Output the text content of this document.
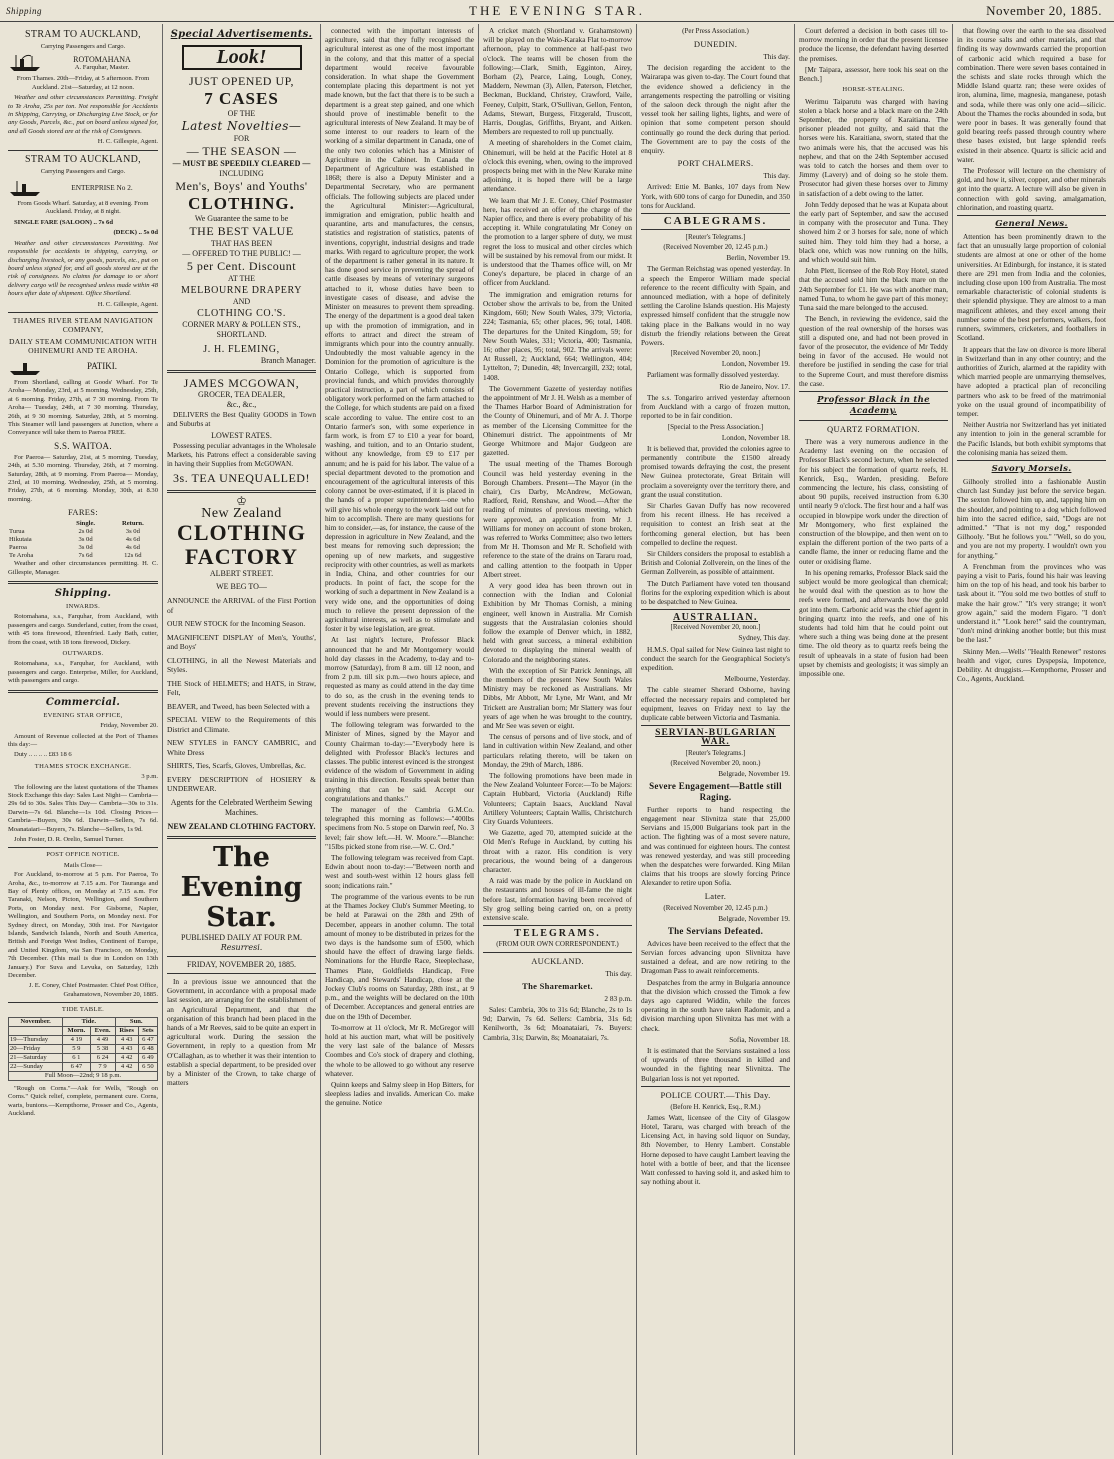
Shipping	THE EVENING STAR.	November 20, 1885.
STRAM TO AUCKLAND,
Carrying Passengers and Cargo.
ROTOMAHANA
A. Farquhar, Master.

From Thames. 20th—Friday, at 5 afternoon. From Auckland. 21st—Saturday, at 12 noon.

Weather and other circumstances Permitting. Freight to Te Aroha, 25s per ton. Not responsible for Accidents in Shipping, Carrying, or Discharging Live Stock, or for any Goods, Parcels, &c., put on board unless signed for, and all Goods stored are at the risk of Consignees.

H. C. Gillespie, Agent.

STRAM TO AUCKLAND,
Carrying Passengers and Cargo.
ENTERPRISE No 2.

From Goods Wharf. Saturday, at 8 evening. From Auckland. Friday, at 8 night.

SINGLE FARE (SALOON) .. 7s 6d

(DECK) .. 5s 0d

Weather and other circumstances Permitting. Not responsible for accidents in shipping, carrying, or discharging livestock, or any goods, parcels, etc., put on board unless signed for, and all goods stored are at the risk of consignees. No claims for damage to or short delivery cargo will be recognised unless made within 48 hours after date of shipment. Office Shortland.

H. C. Gillespie, Agent.

THAMES RIVER STEAM NAVIGATION COMPANY,
DAILY STEAM COMMUNICATION WITH OHINEMURI AND TE AROHA.
PATIKI.

From Shortland, calling at Goods' Wharf. For Te Aroha— Monday, 23rd, at 5 morning. Wednesday, 25th, at 6 morning. Friday, 27th, at 7 30 morning. From Te Aroha— Tuesday, 24th, at 7 30 morning. Thursday, 26th, at 9 30 morning. Saturday, 28th, at 5 morning. This Steamer will land passengers at Junction, where a Conveyance will take them to Paeroa FREE.

S.S. WAITOA.

For Paeroa— Saturday, 21st, at 5 morning. Tuesday, 24th, at 5.30 morning. Thursday, 26th, at 7 morning. Saturday, 28th, at 9 morning. From Paeroa— Monday, 23rd, at 10 morning. Wednesday, 25th, at 5 morning. Friday, 27th, at 6 morning. Monday, 30th, at 8.30 morning.

FARES:
	Single.	Return.
Turua	2s 0d	3s 0d
Hikutaia	3s 0d	4s 6d
Paeroa	3s 0d	4s 6d
Te Aroha	7s 6d	12s 6d

Weather and other circumstances permitting. H. C. Gillespie, Manager.

Shipping.
INWARDS.

Rotomahana, s.s., Farquhar, from Auckland, with passengers and cargo. Sunderland, cutter, from the coast, with 45 tons firewood, Ehrenfried. Lady Bath, cutter, from the coast, with 18 tons firewood, Dickey.

OUTWARDS.

Rotomahana, s.s., Farquhar, for Auckland, with passengers and cargo. Enterprise, Miller, for Auckland, with passengers and cargo.

Commercial.
EVENING STAR OFFICE,

Friday, November 20.

Amount of Revenue collected at the Port of Thames this day:—

Duty .. .. .. .. £83 18 6

THAMES STOCK EXCHANGE.

3 p.m.

The following are the latest quotations of the Thames Stock Exchange this day: Sales Last Night— Cambria—29s 6d to 30s. Sales This Day— Cambria—30s to 31s. Darwin—7s 6d. Blanche—1s 10d. Closing Prices— Cambria—Buyers, 30s 6d. Darwin—Sellers, 7s 6d. Moanataiari—Buyers, 7s. Blanche—Sellers, 1s 9d.

John Foster, D. R. Orelio, Samuel Turner.

POST OFFICE NOTICE.
Mails Close—

For Auckland, to-morrow at 5 p.m. For Paeroa, To Aroha, &c., to-morrow at 7.15 a.m. For Tauranga and Bay of Plenty offices, on Monday at 7.15 a.m. For Taranaki, Nelson, Picton, Wellington, and Southern Ports, on Monday next. For Gisborne, Napier, Wellington, and Southern Ports, on Monday next. For Sydney direct, on Monday, 30th inst. For Navigator Islands, Sandwich Islands, North and South America, British and Foreign West Indies, Continent of Europe, and United Kingdom, via San Francisco, on Monday, 7th December. (This mail is due in London on 13th January.) For Suva and Levuka, on Saturday, 12th December.

J. E. Coney, Chief Postmaster. Chief Post Office, Grahamstown, November 20, 1885.

TIDE TABLE.
November.	Tide.		Sun.	
	Morn.	Even.	Rises	Sets
19—Thursday	4 19	4 49	4 43	6 47
20—Friday	5 9	5 38	4 43	6 48
21—Saturday	6 1	6 24	4 42	6 49
22—Sunday	6 47	7 9	4 42	6 50
Full Moon—22nd; 9 18 p.m.				

"Rough on Corns."—Ask for Wells, "Rough on Corns." Quick relief, complete, permanent cure. Corns, warts, bunions.—Kempthorne, Prosser and Co., Agents, Auckland.

Special Advertisements.
Look!
JUST OPENED UP,
7 CASES
OF THE
Latest Novelties—
FOR
— THE SEASON —
— MUST BE SPEEDILY CLEARED —
INCLUDING
Men's, Boys' and Youths'
CLOTHING.
We Guarantee the same to be
THE BEST VALUE
THAT HAS BEEN
— OFFERED TO THE PUBLIC! —
5 per Cent. Discount
AT THE
MELBOURNE DRAPERY
AND
CLOTHING CO.'S.
CORNER MARY & POLLEN STS., SHORTLAND.
J. H. FLEMING,
Branch Manager.
JAMES MCGOWAN,
GROCER, TEA DEALER,
&c., &c.,

DELIVERS the Best Quality GOODS in Town and Suburbs at

LOWEST RATES.

Possessing peculiar advantages in the Wholesale Markets, his Patrons effect a considerable saving in having their Supplies from McGOWAN.

3s. TEA UNEQUALLED!
♔
New Zealand
CLOTHING FACTORY
ALBERT STREET.
WE BEG TO—
ANNOUNCE the ARRIVAL of the First Portion of
OUR NEW STOCK for the Incoming Season.
MAGNIFICENT DISPLAY of Men's, Youths', and Boys'
CLOTHING, in all the Newest Materials and Styles.
THE Stock of HELMETS; and HATS, in Straw, Felt,
BEAVER, and Tweed, has been Selected with a
SPECIAL VIEW to the Requirements of this District and Climate.
NEW STYLES in FANCY CAMBRIC, and White Dress
SHIRTS, Ties, Scarfs, Gloves, Umbrellas, &c.
EVERY DESCRIPTION of HOSIERY & UNDERWEAR.
Agents for the Celebrated Wertheim Sewing Machines.
NEW ZEALAND CLOTHING FACTORY.
The Evening Star.
PUBLISHED DAILY AT FOUR P.M.
Resurresi.
FRIDAY, NOVEMBER 20, 1885.

In a previous issue we announced that the Government, in accordance with a proposal made last session, are arranging for the establishment of an Agricultural Department, and that the organisation of this branch had been placed in the hands of a Mr Reeves, said to be quite an expert in agricultural work. During the session the Government, in reply to a question from Mr O'Callaghan, as to whether it was their intention to establish a special department, to be presided over by a Minister of the Crown, to take charge of matters

connected with the important interests of agriculture, said that they fully recognised the agricultural interest as one of the most important in the colony, and that this matter of a special department would receive favourable consideration. In what shape the Government contemplate placing this department is not yet made known, but the fact that there is to be such a department is a great step gained, and one which should prove of inestimable benefit to the agricultural interests of New Zealand. It may be of some interest to our readers to learn of the working of a similar department in Canada, one of the only two colonies which has a Minister of Agriculture in the Cabinet. In Canada the Department of Agriculture was established in 1868; there is also a Deputy Minister and a Departmental Secretary, who are permanent officials. The following subjects are placed under the Agricultural Minister:—Agricultural, immigration and emigration, public health and quarantine, arts and manufactures, the census, statistics and registration of statistics, patents of inventions, copyright, industrial designs and trade marks. With regard to agriculture proper, the work of the department is rather general in its nature. It has done good service in preventing the spread of cattle diseases by means of veterinary surgeons attached to it, whose duties have been to investigate cases of disease, and advise the Minister on measures to prevent them spreading. The energy of the department is a good deal taken up with the promotion of immigration, and in efforts to attract and direct the stream of immigrants which pour into the country annually. Undoubtedly the most valuable agency in the Dominion for the promotion of agriculture is the Ontario College, which is supported from provincial funds, and which provides thoroughly practical instruction, a part of which consists of obligatory work performed on the farm attached to the College, for which students are paid on a fixed scale according to value. The entire cost to an Ontario farmer's son, with some experience in farm work, is from £7 to £10 a year for board, washing, and tuition, and to an Ontario student, without any knowledge, from £9 to £17 per annum; and he is paid for his labor. The value of a special department devoted to the promotion and encouragement of the agricultural interests of this colony cannot be over-estimated, if it is placed in the hands of a proper superintendent—one who will give his whole energy to the work laid out for him to accomplish. There are many questions for him to consider,—as, for instance, the cause of the depression in agriculture in New Zealand, and the best means for removing such depression; the opening up of new markets, and suggestive reciprocity with other countries, as well as markets in India, China, and other countries for our products. In point of fact, the scope for the working of such a department in New Zealand is a very wide one, and the opportunities of doing much to relieve the present depression of the agricultural interests, as well as to stimulate and foster it by wise legislation, are great.

At last night's lecture, Professor Black announced that he and Mr Montgomery would hold day classes in the Academy, to-day and to-morrow (Saturday), from 8 a.m. till 12 noon, and from 2 p.m. till six p.m.—two hours apiece, and requested as many as could attend in the day time to do so, as the crush in the evening tends to prevent students receiving the instructions they would if less numbers were present.

The following telegram was forwarded to the Minister of Mines, signed by the Mayor and County Chairman to-day:—"Everybody here is delighted with Professor Black's lectures and classes. The public interest evinced is the strongest evidence of the wisdom of Government in aiding training in this direction. Results speak better than anything that can be said. Accept our congratulations and thanks."

The manager of the Cambria G.M.Co. telegraphed this morning as follows:—"400lbs specimens from No. 5 stope on Darwin reef, No. 3 level; fair show left.—H. W. Moore."—Blanche: "15lbs picked stone from rise.—W. C. Ord."

The following telegram was received from Capt. Edwin about noon to-day:—"Between north and west and south-west within 12 hours glass fell soon; indications rain."

The programme of the various events to be run at the Thames Jockey Club's Summer Meeting, to be held at Parawai on the 28th and 29th of December, appears in another column. The total amount of money to be distributed in prizes for the two days is the handsome sum of £500, which should have the effect of drawing large fields. Nominations for the Hurdle Race, Steeplechase, Thames Plate, Goldfields Handicap, Free Handicap, and Stewards' Handicap, close at the Jockey Club's rooms on Saturday, 28th inst., at 9 p.m., and the weights will be declared on the 10th of December. Acceptances and general entries are due on the 19th of December.

To-morrow at 11 o'clock, Mr R. McGregor will hold at his auction mart, what will be positively the very last sale of the balance of Messrs Coombes and Co's stock of drapery and clothing, the whole to be allowed to go without any reserve whatever.

Quinn keeps and Salmy sleep in Hop Bitters, for sleepless ladies and invalids. American Co. make the genuine. Notice

A cricket match (Shortland v. Grahamstown) will be played on the Waio-Karaka Flat to-morrow afternoon, play to commence at half-past two o'clock. The teams will be chosen from the following:—Clark, Smith, Egginton, Airey, Borham (2), Pearce, Laing, Lough, Coney, Maddern, Newman (3), Allen, Paterson, Fletcher, Beckman, Buckland, Christey, Crawford, Vaile, Feeney, Culpitt, Stark, O'Sullivan, Gellon, Fenton, Adams, Stewart, Burgess, Fitzgerald, Truscott, Harris, Douglas, Griffiths, Bryant, and Aitken. Members are requested to roll up punctually.

A meeting of shareholders in the Comet claim, Ohinemuri, will be held at the Pacific Hotel at 8 o'clock this evening, when, owing to the improved prospects being met with in the New Kurake mine adjoining, it is hoped there will be a large attendance.

We learn that Mr J. E. Coney, Chief Postmaster here, has received an offer of the charge of the Napier office, and there is every probability of his accepting it. While congratulating Mr Coney on the promotion to a larger sphere of duty, we must regret the loss to musical and other circles which will be sustained by his removal from our midst. It is understood that the Thames office will, on Mr Coney's departure, be placed in charge of an officer from Auckland.

The immigration and emigration returns for October show the arrivals to be, from the United Kingdom, 660; New South Wales, 379; Victoria, 224; Tasmania, 65; other places, 96; total, 1408. The departures for the United Kingdom, 59; for New South Wales, 331; Victoria, 400; Tasmania, 16; other places, 95; total, 902. The arrivals were: At Russell, 2; Auckland, 664; Wellington, 404; Lyttelton, 7; Dunedin, 48; Invercargill, 232; total, 1408.

The Government Gazette of yesterday notifies the appointment of Mr J. H. Welsh as a member of the Thames Harbor Board of Administration for the County of Ohinemuri, and of Mr A. J. Thorpe as member of the Licensing Committee for the Ohinemuri district. The appointments of Mr George Whitmore and Major Gudgeon are gazetted.

The usual meeting of the Thames Borough Council was held yesterday evening in the Borough Chambers. Present—The Mayor (in the chair), Crs Darby, McAndrew, McGowan, Radford, Reid, Renshaw, and Wood.—After the reading of minutes of previous meeting, which were approved, an application from Mr J. Williams for money on account of stone broken, was referred to Works Committee; also two letters from Mr H. Thomson and Mr R. Schofield with reference to the state of the drains on Tararu road, and calling attention to the footpath in Upper Albert street.

A very good idea has been thrown out in connection with the Indian and Colonial Exhibition by Mr Thomas Cornish, a mining engineer, well known in Australia. Mr Cornish suggests that the Australasian colonies should follow the example of Denver which, in 1882, held with great success, a mineral exhibition devoted to displaying the mineral wealth of Colorado and the neighboring states.

With the exception of Sir Patrick Jennings, all the members of the present New South Wales Ministry may be reckoned as Australians. Mr Dibbs, Mr Abbott, Mr Lyne, Mr Want, and Mr Trickett are Australian born; Mr Slattery was four years of age when he was brought to the country, and Mr See was seven or eight.

The census of persons and of live stock, and of land in cultivation within New Zealand, and other particulars relating thereto, will be taken on Monday, the 29th of March, 1886.

The following promotions have been made in the New Zealand Volunteer Force:—To be Majors: Captain Hubbard, Victoria (Auckland) Rifle Volunteers; Captain Isaacs, Auckland Naval Artillery Volunteers; Captain Wallis, Christchurch City Guards Volunteers.

We Gazette, aged 70, attempted suicide at the Old Men's Refuge in Auckland, by cutting his throat with a razor. His condition is very precarious, the wound being of a dangerous character.

A raid was made by the police in Auckland on the restaurants and houses of ill-fame the night before last, information having been received of Sly grog selling being carried on, on a pretty extensive scale.

TELEGRAMS.
(FROM OUR OWN CORRESPONDENT.)
AUCKLAND.

This day.

The Sharemarket.

2 83 p.m.

Sales: Cambria, 30s to 31s 6d; Blanche, 2s to 1s 9d; Darwin, 7s 6d. Sellers: Cambria, 31s 6d; Kenilworth, 3s 6d; Moanataiari, 7s. Buyers: Cambria, 31s; Darwin, 8s; Moanataiari, 7s.

(Per Press Association.)
DUNEDIN.

This day.

The decision regarding the accident to the Wairarapa was given to-day. The Court found that the evidence showed a deficiency in the arrangements respecting the patrolling or visiting of the saloon deck through the night after the vessel took her sailing lights, lights, and were of opinion that some competent person should continually go round the deck during that period. The Government are to pay the costs of the enquiry.

PORT CHALMERS.

This day.

Arrived: Ettie M. Banks, 107 days from New York, with 600 tons of cargo for Dunedin, and 350 tons for Auckland.

CABLEGRAMS.
[Reuter's Telegrams.]
(Received November 20, 12.45 p.m.)

Berlin, November 19.

The German Reichstag was opened yesterday. In a speech the Emperor William made special reference to the recent difficulty with Spain, and announced mediation, with a hope of definitely settling the Caroline Islands question. His Majesty expressed himself confident that the struggle now taking place in the Balkans would in no way disturb the friendly relations between the Great Powers.

[Received November 20, noon.]

London, November 19.

Parliament was formally dissolved yesterday.

Rio de Janeiro, Nov. 17.

The s.s. Tongariro arrived yesterday afternoon from Auckland with a cargo of frozen mutton, reported to be in fair condition.

[Special to the Press Association.]

London, November 18.

It is believed that, provided the colonies agree to permanently contribute the £1500 already promised towards defraying the cost, the present New Guinea protectorate, Great Britain will proclaim a sovereignty over the territory there, and grant the usual constitution.

Sir Charles Gavan Duffy has now recovered from his recent illness. He has received a requisition to contest an Irish seat at the forthcoming general election, but has been compelled to decline the request.

Sir Childers considers the proposal to establish a British and Colonial Zollverein, on the lines of the German Zollverein, as possible of attainment.

The Dutch Parliament have voted ten thousand florins for the exploring expedition which is about to be despatched to New Guinea.

AUSTRALIAN.
[Received November 20, noon.]

Sydney, This day.

H.M.S. Opal sailed for New Guinea last night to conduct the search for the Geographical Society's expedition.

Melbourne, Yesterday.

The cable steamer Sherard Osborne, having effected the necessary repairs and completed her equipment, leaves on Friday next to lay the duplicate cable between Victoria and Tasmania.

SERVIAN-BULGARIAN WAR.
[Reuter's Telegrams.]
(Received November 20, noon.)

Belgrade, November 19.

Severe Engagement—Battle still Raging.

Further reports to hand respecting the engagement near Slivnitza state that 25,000 Servians and 15,000 Bulgarians took part in the action. The fighting was of a most severe nature, and was continued for eighteen hours. The contest was renewed yesterday, and was still proceeding when the despatches were forwarded. King Milan claims that his troops are slowly forcing Prince Alexander to retire upon Sofia.

Later.
(Received November 20, 12.45 p.m.)

Belgrade, November 19.

The Servians Defeated.

Advices have been received to the effect that the Servian forces advancing upon Slivnitza have sustained a defeat, and are now retiring to the Dragoman Pass to await reinforcements.

Despatches from the army in Bulgaria announce that the division which crossed the Timok a few days ago captured Widdin, while the forces operating in the south have taken Radomir, and a division marching upon Slivnitza has met with a check.

Sofia, November 18.

It is estimated that the Servians sustained a loss of upwards of three thousand in killed and wounded in the fighting near Slivnitza. The Bulgarian loss is not yet reported.

POLICE COURT.—This Day.
(Before H. Kenrick, Esq., R.M.)

James Watt, licensee of the City of Glasgow Hotel, Tararu, was charged with breach of the Licensing Act, in having sold liquor on Sunday, 8th November, to Henry Lambert. Constable Horne deposed to have caught Lambert leaving the hotel with a bottle of beer, and that the licensee Watt confessed to having sold it, and asked him to say nothing about it.

Court deferred a decision in both cases till to-morrow morning in order that the present licensee produce the license, the defendant having deserted the premises.

[Mr Taipara, assessor, here took his seat on the Bench.]

HORSE-STEALING.

Werimu Taiparutu was charged with having stolen a black horse and a black mare on the 24th September, the property of Karaitiana. The prisoner pleaded not guilty, and said that the horses were his. Karaitiana, sworn, stated that the two animals were his, that the accused was his nephew, and that on the 24th September accused was told to catch the horses and them over to Jimmy (Lavery) and of doing so he stole them. Prosecutor had given these horses over to Jimmy in satisfaction of a debt owing to the latter.

John Teddy deposed that he was at Kupata about the early part of September, and saw the accused in company with the prosecutor and Tuna. They showed him 2 or 3 horses for sale, none of which suited him. They told him they had a horse, a black one, which was now running on the hills, and which would suit him.

John Plett, licensee of the Rob Roy Hotel, stated that the accused sold him the black mare on the 24th September for £1. He was with another man, named Tuna, to whom he gave part of this money; Tuna said the mare belonged to the accused.

The Bench, in reviewing the evidence, said the question of the real ownership of the horses was still a disputed one, and had not been proved in favor of the prosecutor, the evidence of Mr Teddy being in favor of the accused. He would not therefore be justified in sending the case for trial to the Supreme Court, and must therefore dismiss the case.

Professor Black in the Academy.
QUARTZ FORMATION.

There was a very numerous audience in the Academy last evening on the occasion of Professor Black's second lecture, when he selected for his subject the formation of quartz reefs, H. Kenrick, Esq., Warden, presiding. Before commencing the lecture, his class, consisting of about 90 pupils, received instruction from 6.30 until nearly 9 o'clock. The first hour and a half was occupied in blowpipe work under the direction of Mr Montgomery, who first explained the construction of the blowpipe, and then went on to explain the different portion of the two parts of a candle flame, the inner or reducing flame and the outer or oxidising flame.

In his opening remarks, Professor Black said the subject would be more geological than chemical; he would deal with the question as to how the reefs were formed, and afterwards how the gold got into them. Carbonic acid was the chief agent in bringing quartz into the reefs, and one of his students had told him that he could point out where such a thing was being done at the present time. The old theory as to quartz reefs being the result of upheavals in a state of fusion had been upset by chemists and geologists; it was simply an impossible one.

that flowing over the earth to the sea dissolved in its course salts and other materials, and that finding its way downwards carried the proportion of carbonic acid which required a base for combination. There were seven bases contained in the schists and slate rocks through which the Middle Island quartz ran; these were oxides of iron, alumina, lime, magnesia, manganese, potash and soda, while there was only one acid—silicic. About the Thames the rocks abounded in soda, but were poor in bases. It was generally found that gold bearing reefs passed through country where these bases existed, but large splendid reefs existed in their absence. Quartz is silicic acid and water.

The Professor will lecture on the chemistry of gold, and how it, silver, copper, and other minerals got into the quartz. A lecture will also be given in connection with gold saving, amalgamation, chlorination, and roasting quartz.

General News.

Attention has been prominently drawn to the fact that an unusually large proportion of colonial students are almost at one or other of the home universities. At Edinburgh, for instance, it is stated there are 291 men from India and the colonies, including close upon 100 from Australia. The most remarkable characteristic of colonial students is their splendid physique. They are almost to a man magnificent athletes, and they excel among their number some of the best performers, walkers, foot runners, swimmers, cricketers, and footballers in Scotland.

It appears that the law on divorce is more liberal in Switzerland than in any other country; and the authorities of Zurich, alarmed at the rapidity with which married people are unmarrying themselves, have adopted a practical plan of reconciling partners who ask to be freed of the matrimonial yoke on the usual ground of incompatibility of temper.

Neither Austria nor Switzerland has yet initiated any intention to join in the general scramble for the Pacific Islands, but both exhibit symptoms that the colonising mania has seized them.

Savory Morsels.

Gilhooly strolled into a fashionable Austin church last Sunday just before the service began. The sexton followed him up, and, tapping him on the shoulder, and pointing to a dog which followed him into the sacred edifice, said, "Dogs are not admitted." "That is not my dog," responded Gilhooly. "But he follows you." "Well, so do you, and you are not my property. I wouldn't own you for anything."

A Frenchman from the provinces who was paying a visit to Paris, found his hair was leaving him on the top of his head, and took his barber to task about it. "You sold me two bottles of stuff to make the hair grow." "It's very strange; it won't grow again," said the modern Figaro. "I don't understand it." "Look here!" said the countryman, "don't mind drinking another bottle; but this must be the last."

Skinny Men.—Wells' "Health Renewer" restores health and vigor, cures Dyspepsia, Impotence, Debility. At druggists.—Kempthorne, Prosser and Co., Agents, Auckland.
